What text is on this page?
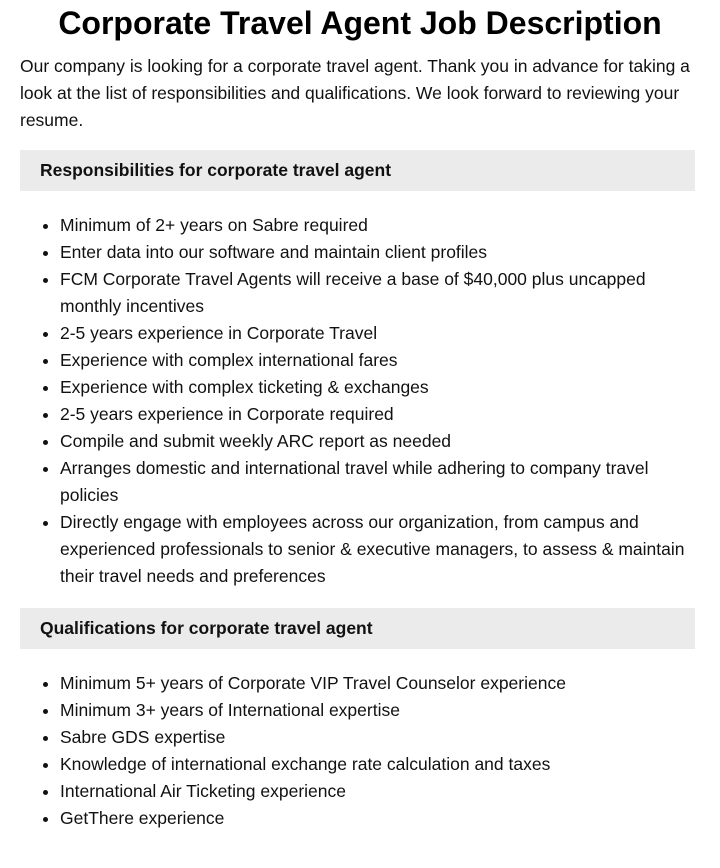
Corporate Travel Agent Job Description

Our company is looking for a corporate travel agent. Thank you in advance for taking a look at the list of responsibilities and qualifications. We look forward to reviewing your resume.

Responsibilities for corporate travel agent
• Minimum of 2+ years on Sabre required
• Enter data into our software and maintain client profiles
• FCM Corporate Travel Agents will receive a base of $40,000 plus uncapped monthly incentives
• 2-5 years experience in Corporate Travel
• Experience with complex international fares
• Experience with complex ticketing & exchanges
• 2-5 years experience in Corporate required
• Compile and submit weekly ARC report as needed
• Arranges domestic and international travel while adhering to company travel policies
• Directly engage with employees across our organization, from campus and experienced professionals to senior & executive managers, to assess & maintain their travel needs and preferences
Qualifications for corporate travel agent
• Minimum 5+ years of Corporate VIP Travel Counselor experience
• Minimum 3+ years of International expertise
• Sabre GDS expertise
• Knowledge of international exchange rate calculation and taxes
• International Air Ticketing experience
• GetThere experience
